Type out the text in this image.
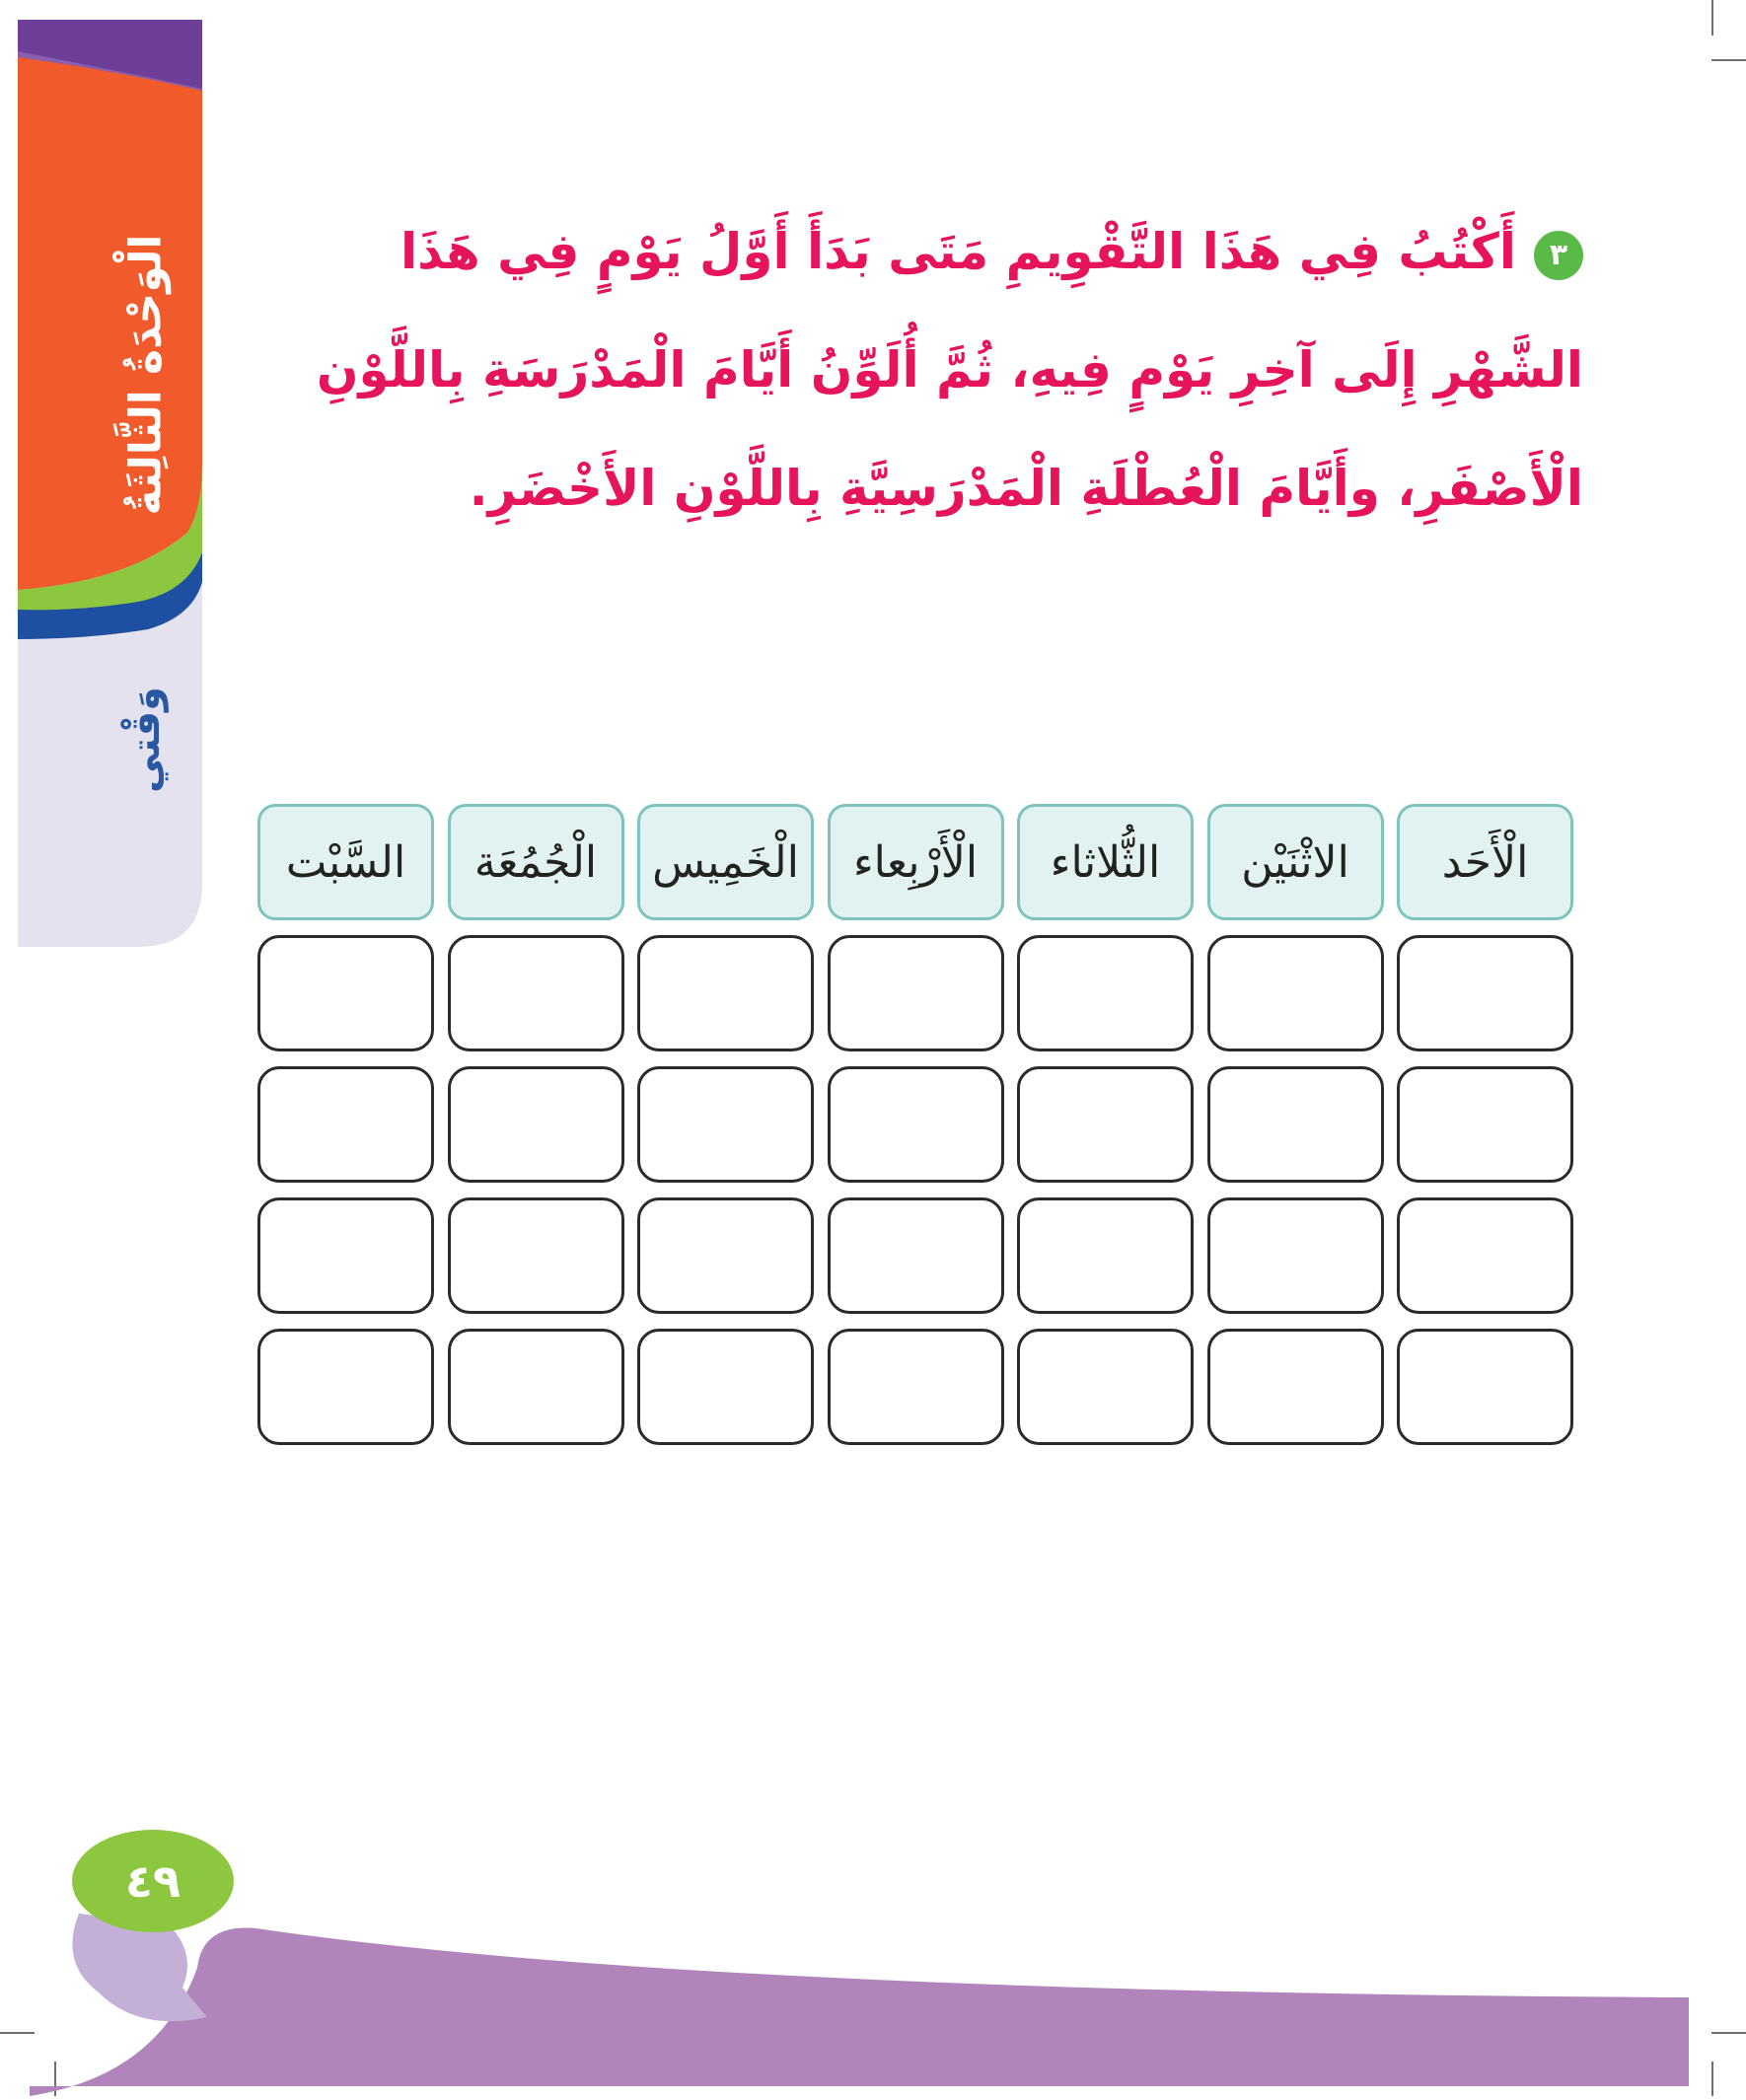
الْوَحْدَةُ الثَّالِثَةُ
وَقْتي
٣أَكْتُبُ فِي هَذَا التَّقْوِيمِ مَتَى بَدَأَ أَوَّلُ يَوْمٍ فِي هَذَا الشَّهْرِ إِلَى آخِرِ يَوْمٍ فِيهِ، ثُمَّ أُلَوِّنُ أَيَّامَ الْمَدْرَسَةِ بِاللَّوْنِ الْأَصْفَرِ، وأَيَّامَ الْعُطْلَةِ الْمَدْرَسِيَّةِ بِاللَّوْنِ الأَخْضَرِ.
الْأَحَد
الاثْنَيْن
الثُّلاثاء
الْأَرْبِعاء
الْخَمِيس
الْجُمُعَة
السَّبْت
٤٩
